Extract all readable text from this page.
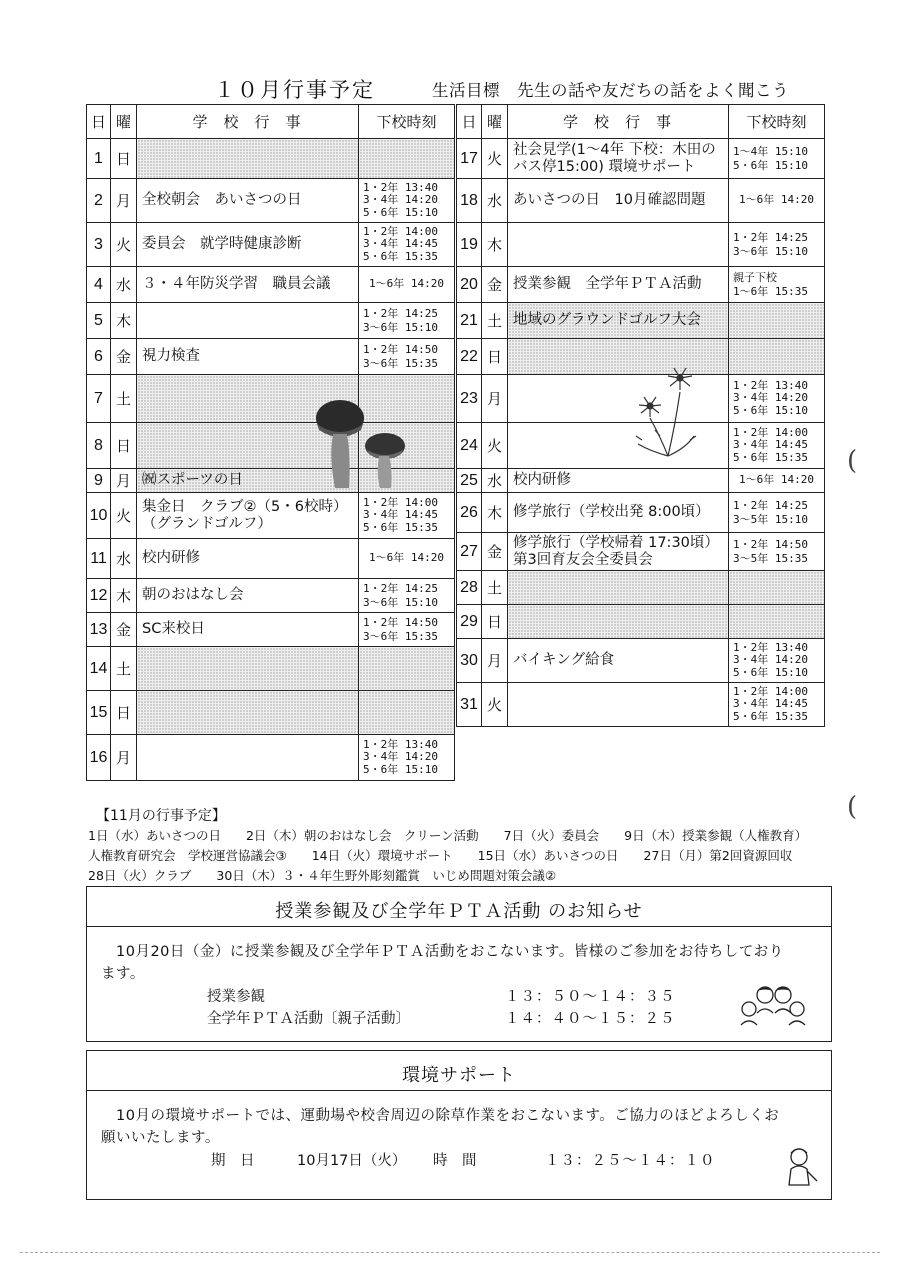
１０月行事予定	生活目標　先生の話や友だちの話をよく聞こう
日	曜	学校行事	下校時刻
1	日		
2	月	全校朝会　あいさつの日	1・2年 13:40
3・4年 14:20
5・6年 15:10
3	火	委員会　就学時健康診断	1・2年 14:00
3・4年 14:45
5・6年 15:35
4	水	３・４年防災学習　職員会議	1～6年 14:20
5	木		1・2年 14:25
3～6年 15:10
6	金	視力検査	1・2年 14:50
3～6年 15:35
7	土		
8	日		
9	月	㈷スポーツの日	
10	火	集金日　クラブ②（5・6校時）
（グランドゴルフ）	1・2年 14:00
3・4年 14:45
5・6年 15:35
11	水	校内研修	1～6年 14:20
12	木	朝のおはなし会	1・2年 14:25
3～6年 15:10
13	金	SC来校日	1・2年 14:50
3～6年 15:35
14	土		
15	日		
16	月		1・2年 13:40
3・4年 14:20
5・6年 15:10
日	曜	学校行事	下校時刻
17	火	社会見学(1～4年 下校：木田の
バス停15:00) 環境サポート	1～4年 15:10
5・6年 15:10
18	水	あいさつの日　10月確認問題	1～6年 14:20
19	木		1・2年 14:25
3～6年 15:10
20	金	授業参観　全学年ＰＴＡ活動	親子下校
1～6年 15:35
21	土	地域のグラウンドゴルフ大会	
22	日		
23	月		1・2年 13:40
3・4年 14:20
5・6年 15:10
24	火		1・2年 14:00
3・4年 14:45
5・6年 15:35
25	水	校内研修	1～6年 14:20
26	木	修学旅行（学校出発 8:00頃）	1・2年 14:25
3～5年 15:10
27	金	修学旅行（学校帰着 17:30頃）
第3回育友会全委員会	1・2年 14:50
3～5年 15:35
28	土		
29	日		
30	月	バイキング給食	1・2年 13:40
3・4年 14:20
5・6年 15:10
31	火		1・2年 14:00
3・4年 14:45
5・6年 15:35
【11月の行事予定】
1日（水）あいさつの日　　2日（木）朝のおはなし会　クリーン活動　　7日（火）委員会　　9日（木）授業参観（人権教育）
人権教育研究会　学校運営協議会③　　14日（火）環境サポート　　15日（水）あいさつの日　　27日（月）第2回資源回収
28日（火）クラブ　　30日（木）３・４年生野外彫刻鑑賞　いじめ問題対策会議②
授業参観及び全学年ＰＴＡ活動 のお知らせ
　10月20日（金）に授業参観及び全学年ＰＴＡ活動をおこないます。皆様のご参加をお待ちしております。
授業参観	１３：５０～１４：３５
全学年ＰＴＡ活動〔親子活動〕	１４：４０～１５：２５
環境サポート
　10月の環境サポートでは、運動場や校舎周辺の除草作業をおこないます。ご協力のほどよろしくお願いいたします。
期　日	10月17日（火） 時　間	１３：２５～１４：１０
(
(
